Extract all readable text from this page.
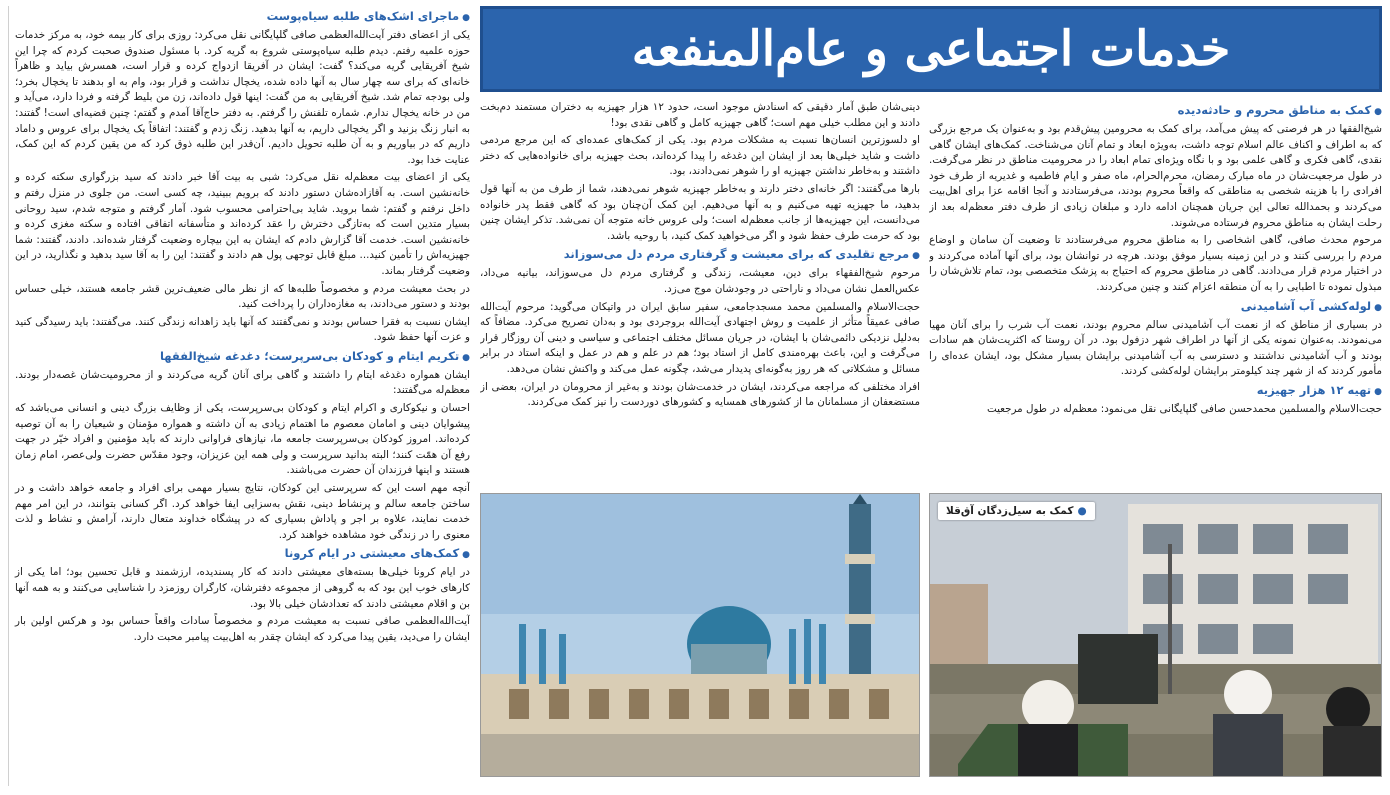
خدمات اجتماعی و عام‌المنفعه
●کمک به مناطق محروم و حادثه‌دیده

شیخ‌الفقها در هر فرصتی که پیش می‌آمد، برای کمک به محرومین پیش‌قدم بود و به‌عنوان یک مرجع بزرگی که به اطراف و اکناف عالم اسلام توجه داشت، به‌ویژه ابعاد و تمام آنان می‌شناخت. کمک‌های ایشان گاهی نقدی، گاهی فکری و گاهی علمی بود و با نگاه ویژه‌ای تمام ابعاد را در محرومیت مناطق در نظر می‌گرفت. در طول مرجعیت‌شان در ماه مبارک رمضان، محرم‌الحرام، ماه صفر و ایام فاطمیه و غدیریه از طرف خود افرادی را با هزینه شخصی به مناطقی که واقعاً محروم بودند، می‌فرستادند و آنجا اقامه عزا برای اهل‌بیت می‌کردند و بحمدالله تعالی این جریان همچنان ادامه دارد و مبلغان زیادی از طرف دفتر معظم‌له بعد از رحلت ایشان به مناطق محروم فرستاده می‌شوند.

مرحوم محدث صافی، گاهی اشخاصی را به مناطق محروم می‌فرستادند تا وضعیت آن سامان و اوضاع مردم را بررسی کنند و در این زمینه بسیار موفق بودند. هرچه در توانشان بود، برای آنها آماده می‌کردند و در اختیار مردم قرار می‌دادند. گاهی در مناطق محروم که احتیاج به پزشک متخصصی بود، تمام تلاش‌شان را مبذول نموده تا اطبایی را به آن منطقه اعزام کنند و چنین می‌کردند.

●لوله‌کشی آب آشامیدنی

در بسیاری از مناطق که از نعمت آب آشامیدنی سالم محروم بودند، نعمت آب شرب را برای آنان مهیا می‌نمودند. به‌عنوان نمونه یکی از آنها در اطراف شهر دزفول بود. در آن روستا که اکثریت‌شان هم سادات بودند و آب آشامیدنی نداشتند و دسترسی به آب آشامیدنی برایشان بسیار مشکل بود، ایشان عده‌ای را مأمور کردند که از شهر چند کیلومتر برایشان لوله‌کشی کردند.

●تهیه ۱۲ هزار جهیزیه

حجت‌الاسلام والمسلمین محمدحسن صافی گلپایگانی نقل می‌نمود: معظم‌له در طول مرجعیت

دینی‌شان طبق آمار دقیقی که اسنادش موجود است، حدود ۱۲ هزار جهیزیه به دختران مستمند دم‌بخت دادند و این مطلب خیلی مهم است؛ گاهی جهیزیه کامل و گاهی نقدی بود!

او دلسوزترین انسان‌ها نسبت به مشکلات مردم بود. یکی از کمک‌های عمده‌ای که این مرجع مردمی داشت و شاید خیلی‌ها بعد از ایشان این دغدغه را پیدا کرده‌اند، بحث جهیزیه برای خانواده‌هایی که دختر داشتند و به‌خاطر نداشتن جهیزیه او را شوهر نمی‌دادند، بود.

بارها می‌گفتند: اگر خانه‌ای دختر دارند و به‌خاطر جهیزیه شوهر نمی‌دهند، شما از طرف من به آنها قول بدهید، ما جهیزیه تهیه می‌کنیم و به آنها می‌دهیم. این کمک آن‌چنان بود که گاهی فقط پدر خانواده می‌دانست، این جهیزیه‌ها از جانب معظم‌له است؛ ولی عروس خانه متوجه آن نمی‌شد. تذکر ایشان چنین بود که حرمت طرف حفظ شود و اگر می‌خواهید کمک کنید، با روحیه باشد.

●مرجع تقلیدی که برای معیشت و گرفتاری مردم دل می‌سوزاند

مرحوم شیخ‌الفقهاء برای دین، معیشت، زندگی و گرفتاری مردم دل می‌سوزاند، بیانیه می‌داد، عکس‌العمل نشان می‌داد و ناراحتی در وجودشان موج می‌زد.

حجت‌الاسلام والمسلمین محمد مسجدجامعی، سفیر سابق ایران در واتیکان می‌گوید: مرحوم آیت‌الله صافی عمیقاً متأثر از علمیت و روش اجتهادی آیت‌الله بروجردی بود و به‌دان تصریح می‌کرد. مضافاً که به‌دلیل نزدیکی دائمی‌شان با ایشان، در جریان مسائل مختلف اجتماعی و سیاسی و دینی آن روزگار قرار می‌گرفت و این، باعث بهره‌مندی کامل از استاد بود؛ هم در علم و هم در عمل و اینکه استاد در برابر مسائل و مشکلاتی که هر روز به‌گونه‌ای پدیدار می‌شد، چگونه عمل می‌کند و واکنش نشان می‌دهد.

افراد مختلفی که مراجعه می‌کردند، ایشان در خدمت‌شان بودند و به‌غیر از محرومان در ایران، بعضی از مستضعفان از مسلمانان ما از کشورهای همسایه و کشورهای دوردست را نیز کمک می‌کردند.

●ماجرای اشک‌های طلبه سیاه‌پوست

یکی از اعضای دفتر آیت‌الله‌العظمی صافی گلپایگانی نقل می‌کرد: روزی برای کار بیمه خود، به مرکز خدمات حوزه علمیه رفتم. دیدم طلبه سیاه‌پوستی شروع به گریه کرد. با مسئول صندوق صحبت کردم که چرا این شیخ آفریقایی گریه می‌کند؟ گفت: ایشان در آفریقا ازدواج کرده و قرار است، همسرش بیاید و ظاهراً خانه‌ای که برای سه چهار سال به آنها داده شده، یخچال نداشت و قرار بود، وام به او بدهند تا یخچال بخرد؛ ولی بودجه تمام شد. شیخ آفریقایی به من گفت: اینها قول داده‌اند، زن من بلیط گرفته و فردا دارد، می‌آید و من در خانه یخچال ندارم. شماره تلفنش را گرفتم. به دفتر حاج‌آقا آمدم و گفتم: چنین قضیه‌ای است! گفتند: به انبار زنگ بزنید و اگر یخچالی داریم، به آنها بدهید. زنگ زدم و گفتند: اتفاقاً یک یخچال برای عروس و داماد داریم که در بیاوریم و به آن طلبه تحویل دادیم. آن‌قدر این طلبه ذوق کرد که من یقین کردم که این کمک، عنایت خدا بود.

یکی از اعضای بیت معظم‌له نقل می‌کرد: شبی به بیت آقا خبر دادند که سید بزرگواری سکته کرده و خانه‌نشین است. به آقازاده‌شان دستور دادند که برویم ببینید، چه کسی است. من جلوی در منزل رفتم و داخل نرفتم و گفتم: شما بروید. شاید بی‌احترامی محسوب شود. آمار گرفتم و متوجه شدم، سید روحانی بسیار متدین است که به‌تازگی دخترش را عقد کرده‌اند و متأسفانه اتفاقی افتاده و سکته مغزی کرده و خانه‌نشین است. خدمت آقا گزارش دادم که ایشان به این بیچاره وضعیت گرفتار شده‌اند. دادند، گفتند: شما جهیزیه‌اش را تأمین کنید... مبلغ قابل توجهی پول هم دادند و گفتند: این را به آقا سید بدهید و نگذارید، در این وضعیت گرفتار بماند.

در بحث معیشت مردم و مخصوصاً طلبه‌ها که از نظر مالی ضعیف‌ترین قشر جامعه هستند، خیلی حساس بودند و دستور می‌دادند، به مغازه‌داران را پرداخت کنید.

ایشان نسبت به فقرا حساس بودند و نمی‌گفتند که آنها باید زاهدانه زندگی کنند. می‌گفتند: باید رسیدگی کنید و عزت آنها حفظ شود.

●تکریم ایتام و کودکان بی‌سرپرست؛ دغدغه شیخ‌الفقها

ایشان همواره دغدغه ایتام را داشتند و گاهی برای آنان گریه می‌کردند و از محرومیت‌شان غصه‌دار بودند. معظم‌له می‌گفتند:

احسان و نیکوکاری و اکرام ایتام و کودکان بی‌سرپرست، یکی از وظایف بزرگ دینی و انسانی می‌باشد که پیشوایان دینی و امامان معصوم ما اهتمام زیادی به آن داشته و همواره مؤمنان و شیعیان را به آن توصیه کرده‌اند. امروز کودکان بی‌سرپرست جامعه ما، نیازهای فراوانی دارند که باید مؤمنین و افراد خیّر در جهت رفع آن همّت کنند؛ البته بدانید سرپرست و ولی همه این عزیزان، وجود مقدّس حضرت ولی‌عصر، امام زمان هستند و اینها فرزندان آن حضرت می‌باشند.

آنچه مهم است این که سرپرستی این کودکان، نتایج بسیار مهمی برای افراد و جامعه خواهد داشت و در ساختن جامعه سالم و پرنشاط دینی، نقش به‌سزایی ایفا خواهد کرد. اگر کسانی بتوانند، در این امر مهم خدمت نمایند، علاوه بر اجر و پاداش بسیاری که در پیشگاه خداوند متعال دارند، آرامش و نشاط و لذت معنوی را در زندگی خود مشاهده خواهند کرد.

●کمک‌های معیشتی در ایام کرونا

در ایام کرونا خیلی‌ها بسته‌های معیشتی دادند که کار پسندیده، ارزشمند و قابل تحسین بود؛ اما یکی از کارهای خوب این بود که به گروهی از مجموعه دفترشان، کارگران روزمزد را شناسایی می‌کنند و به همه آنها بن و اقلام معیشتی دادند که تعدادشان خیلی بالا بود.

آیت‌الله‌العظمی صافی نسبت به معیشت مردم و مخصوصاً سادات واقعاً حساس بود و هرکس اولین بار ایشان را می‌دید، یقین پیدا می‌کرد که ایشان چقدر به اهل‌بیت پیامبر محبت دارد.

●کمک به سیل‌زدگان آق‌قلا
